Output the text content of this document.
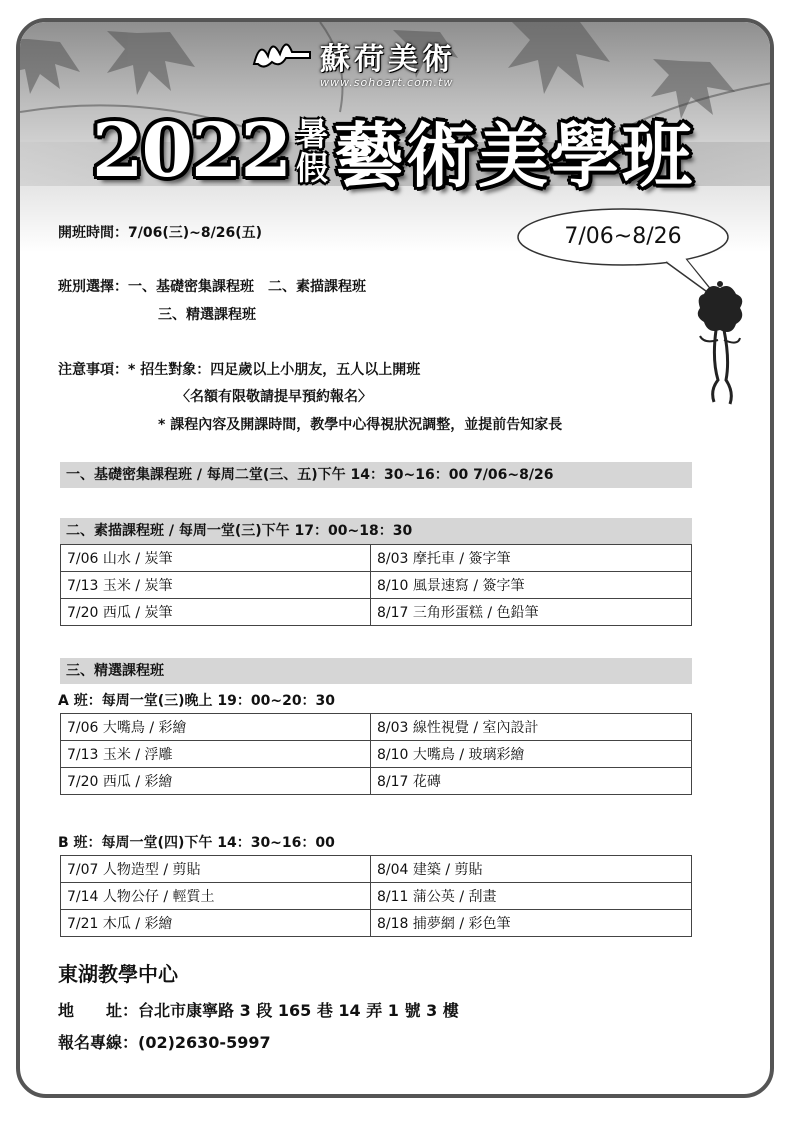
蘇荷美術
www.sohoart.com.tw
2022 暑
假 藝術美學班
開班時間：7/06(三)~8/26(五)
班別選擇：一、基礎密集課程班　二、素描課程班
三、精選課程班
注意事項：* 招生對象：四足歲以上小朋友，五人以上開班
〈名額有限敬請提早預約報名〉
* 課程內容及開課時間，教學中心得視狀況調整，並提前告知家長
7/06~8/26
一、基礎密集課程班 / 每周二堂(三、五)下午 14：30~16：00 7/06~8/26
二、素描課程班 / 每周一堂(三)下午 17：00~18：30
7/06 山水 / 炭筆	8/03 摩托車 / 簽字筆
7/13 玉米 / 炭筆	8/10 風景速寫 / 簽字筆
7/20 西瓜 / 炭筆	8/17 三角形蛋糕 / 色鉛筆
三、精選課程班
A 班：每周一堂(三)晚上 19：00~20：30
7/06 大嘴鳥 / 彩繪	8/03 線性視覺 / 室內設計
7/13 玉米 / 浮雕	8/10 大嘴鳥 / 玻璃彩繪
7/20 西瓜 / 彩繪	8/17 花磚
B 班：每周一堂(四)下午 14：30~16：00
7/07 人物造型 / 剪貼	8/04 建築 / 剪貼
7/14 人物公仔 / 輕質土	8/11 蒲公英 / 刮畫
7/21 木瓜 / 彩繪	8/18 捕夢網 / 彩色筆
東湖教學中心
地　　址：台北市康寧路 3 段 165 巷 14 弄 1 號 3 樓
報名專線：(02)2630-5997
